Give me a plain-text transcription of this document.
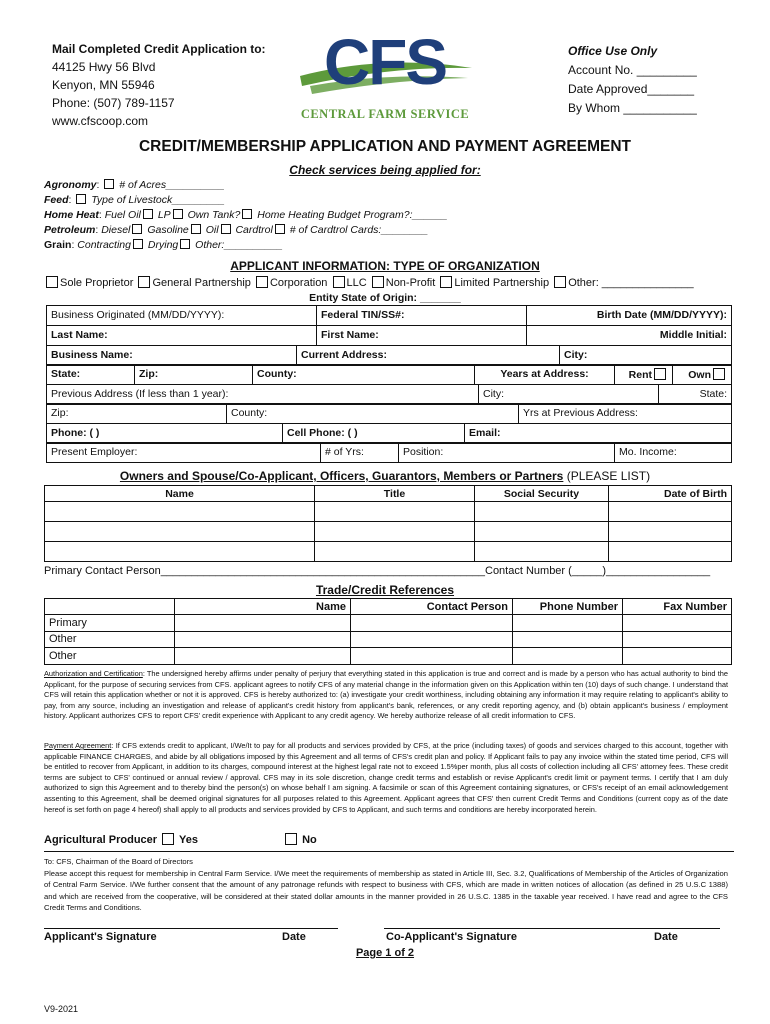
Mail Completed Credit Application to:
44125 Hwy 56 Blvd
Kenyon, MN 55946
Phone: (507) 789-1157
www.cfscoop.com
CFS
CENTRAL FARM SERVICE
Office Use Only
Account No. _________
Date Approved_______
By Whom ___________
CREDIT/MEMBERSHIP APPLICATION AND PAYMENT AGREEMENT
Check services being applied for:
Agronomy:  # of Acres__________
Feed:  Type of Livestock_________
Home Heat: Fuel Oil LP Own Tank? Home Heating Budget Program?:______
Petroleum: Diesel Gasoline Oil Cardtrol # of Cardtrol Cards:________
Grain: Contracting Drying Other:__________
APPLICANT INFORMATION: TYPE OF ORGANIZATION
Sole Proprietor General Partnership Corporation LLC Non-Profit Limited Partnership Other: _______________
Entity State of Origin: _______
Business Originated (MM/DD/YYYY):	Federal TIN/SS#:	Birth Date (MM/DD/YYYY):
Last Name:	First Name:	Middle Initial:
Business Name:	Current Address:	City:
State:	Zip:	County:	Years at Address:	Rent	Own
Previous Address (If less than 1 year):	City:	State:
Zip:	County:	Yrs at Previous Address:
Phone: ( )	Cell Phone: ( )	Email:
Present Employer:	# of Yrs:	Position:	Mo. Income:
Owners and Spouse/Co-Applicant, Officers, Guarantors, Members or Partners (PLEASE LIST)
Name	Title	Social Security	Date of Birth

Primary Contact Person_____________________________________________________Contact Number (_____)_________________
Trade/Credit References
	Name	Contact Person	Phone Number	Fax Number
Primary				
Other				
Other				
Authorization and Certification: The undersigned hereby affirms under penalty of perjury that everything stated in this application is true and correct and is made by a person who has actual authority to bind the Applicant, for the purpose of securing services from CFS. applicant agrees to notify CFS of any material change in the information given on this Application within ten (10) days of such change. I understand that CFS will retain this application whether or not it is approved. CFS is hereby authorized to: (a) investigate your credit worthiness, including obtaining any information it may require relating to applicant's ability to pay, from any source, including an investigation and release of applicant's credit history from applicant's bank, references, or any credit reporting agency, and (b) obtain applicant's business / employment history. Applicant authorizes CFS to report CFS' credit experience with Applicant to any credit agency. We hereby authorize release of all credit information to CFS.
Payment Agreement: If CFS extends credit to applicant, I/We/It to pay for all products and services provided by CFS, at the price (including taxes) of goods and services charged to this account, together with applicable FINANCE CHARGES, and abide by all obligations imposed by this Agreement and all terms of CFS's credit plan and policy. If Applicant fails to pay any invoice within the stated time period, CFS will be entitled to recover from Applicant, in addition to its charges, compound interest at the highest legal rate not to exceed 1.5%per month, plus all costs of collection including all CFS' attorney fees. These credit terms are subject to CFS' continued or annual review / approval. CFS may in its sole discretion, change credit terms and establish or revise Applicant's credit limit or payment terms. I certify that I am duly authorized to sign this Agreement and to thereby bind the person(s) on whose behalf I am signing. A facsimile or scan of this Agreement containing signatures, or CFS's receipt of an email acknowledgement assenting to this Agreement, shall be deemed original signatures for all purposes related to this Agreement. Applicant agrees that CFS' then current Credit Terms and Conditions (current copy as of the date hereof is set forth on page 4 hereof) shall apply to all products and services provided by CFS to Applicant, and such terms and conditions are hereby incorporated herein.
Agricultural Producer Yes	No
To: CFS, Chairman of the Board of Directors
Please accept this request for membership in Central Farm Service. I/We meet the requirements of membership as stated in Article III, Sec. 3.2, Qualifications of Membership of the Articles of Organization of Central Farm Service. I/We further consent that the amount of any patronage refunds with respect to business with CFS, which are made in written notices of allocation (as defined in 25 U.S.C 1388) and which are received from the cooperative, will be considered at their stated dollar amounts in the manner provided in 26 U.S.C. 1385 in the taxable year received. I have read and agree to the CFS Credit Terms and Conditions.
Applicant's Signature	Date	Co-Applicant's Signature	Date
Page 1 of 2
V9-2021
